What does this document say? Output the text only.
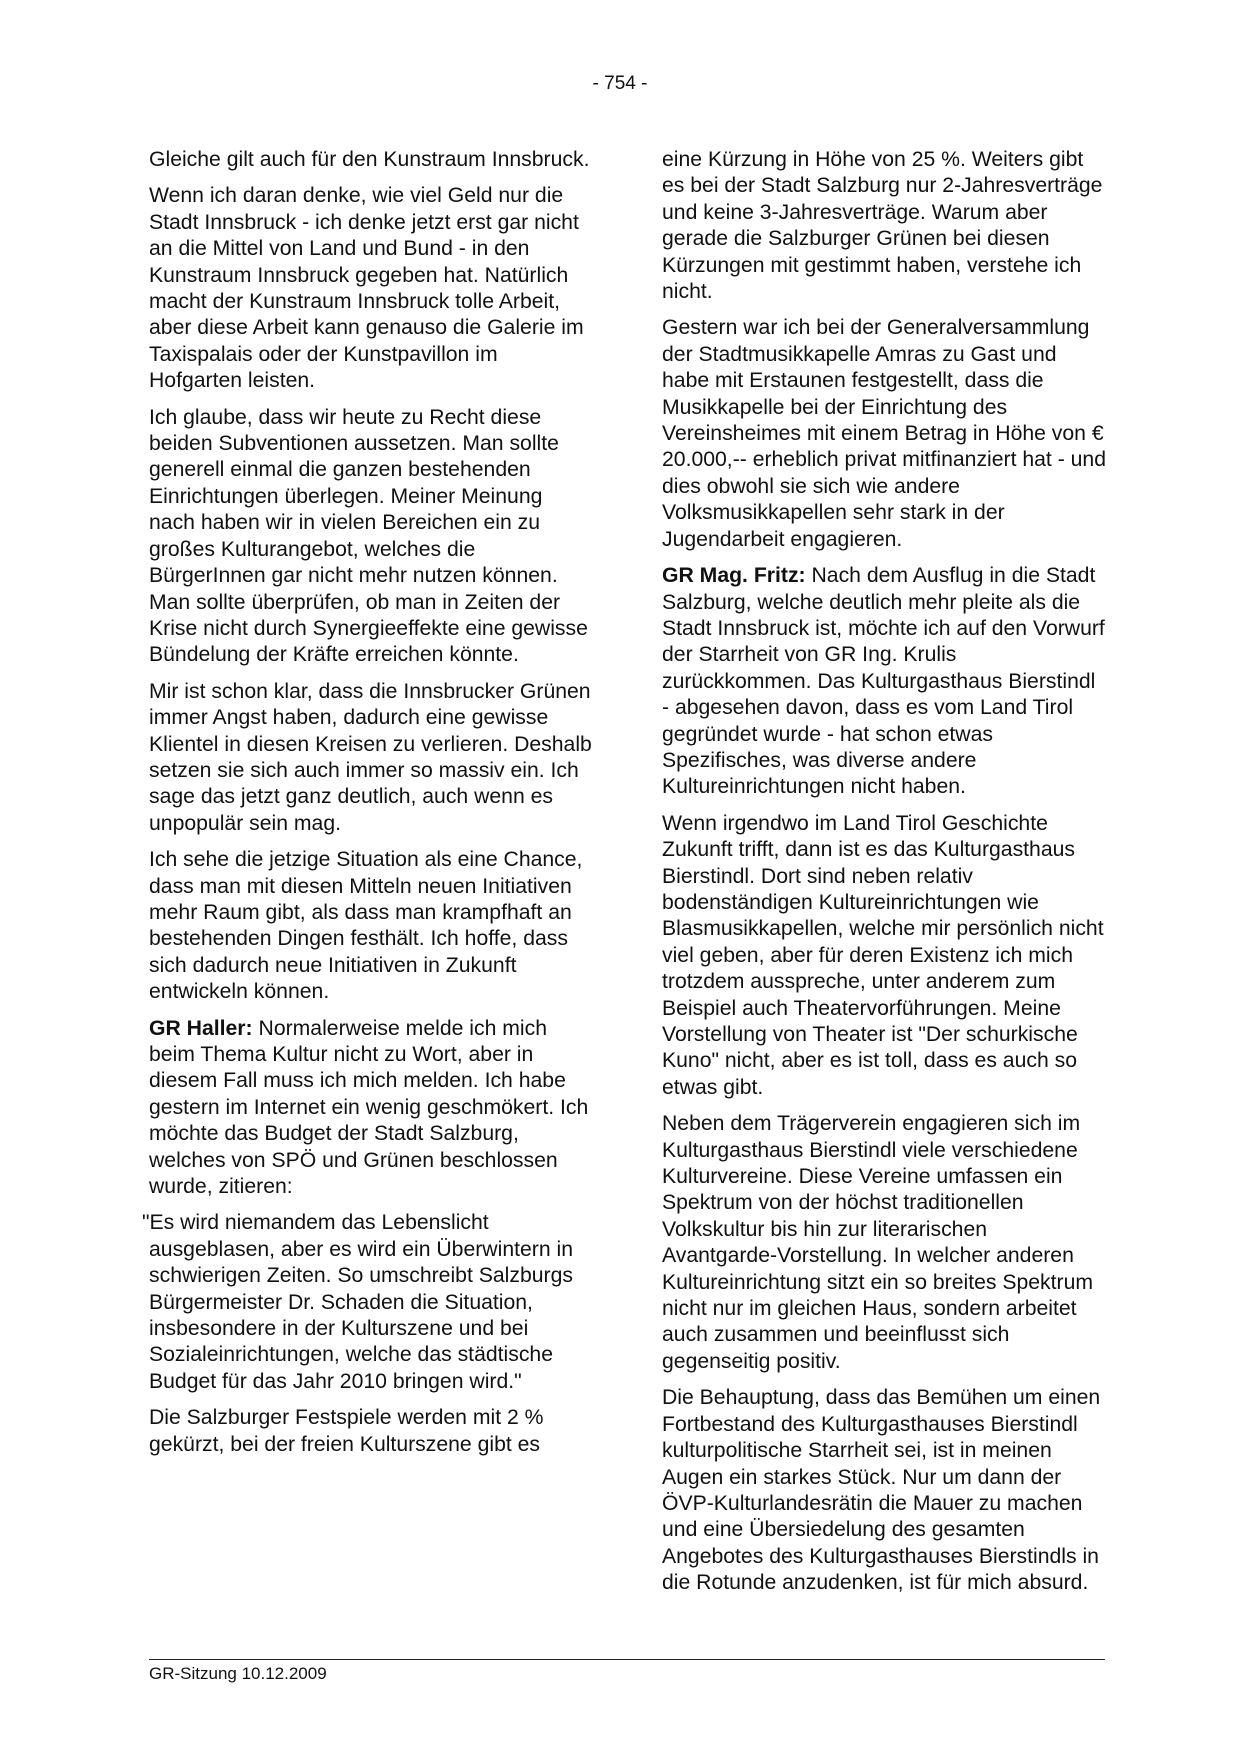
- 754 -

Gleiche gilt auch für den Kunstraum Innsbruck.

Wenn ich daran denke, wie viel Geld nur die Stadt Innsbruck - ich denke jetzt erst gar nicht an die Mittel von Land und Bund - in den Kunstraum Innsbruck gegeben hat. Natürlich macht der Kunstraum Innsbruck tolle Arbeit, aber diese Arbeit kann genauso die Galerie im Taxispalais oder der Kunstpavillon im Hofgarten leisten.

Ich glaube, dass wir heute zu Recht diese beiden Subventionen aussetzen. Man sollte generell einmal die ganzen bestehenden Einrichtungen überlegen. Meiner Meinung nach haben wir in vielen Bereichen ein zu großes Kulturangebot, welches die BürgerInnen gar nicht mehr nutzen können. Man sollte überprüfen, ob man in Zeiten der Krise nicht durch Synergieeffekte eine gewisse Bündelung der Kräfte erreichen könnte.

Mir ist schon klar, dass die Innsbrucker Grünen immer Angst haben, dadurch eine gewisse Klientel in diesen Kreisen zu verlieren. Deshalb setzen sie sich auch immer so massiv ein. Ich sage das jetzt ganz deutlich, auch wenn es unpopulär sein mag.

Ich sehe die jetzige Situation als eine Chance, dass man mit diesen Mitteln neuen Initiativen mehr Raum gibt, als dass man krampfhaft an bestehenden Dingen festhält. Ich hoffe, dass sich dadurch neue Initiativen in Zukunft entwickeln können.

GR Haller: Normalerweise melde ich mich beim Thema Kultur nicht zu Wort, aber in diesem Fall muss ich mich melden. Ich habe gestern im Internet ein wenig geschmökert. Ich möchte das Budget der Stadt Salzburg, welches von SPÖ und Grünen beschlossen wurde, zitieren:

"Es wird niemandem das Lebenslicht ausgeblasen, aber es wird ein Überwintern in schwierigen Zeiten. So umschreibt Salzburgs Bürgermeister Dr. Schaden die Situation, insbesondere in der Kulturszene und bei Sozialeinrichtungen, welche das städtische Budget für das Jahr 2010 bringen wird."

Die Salzburger Festspiele werden mit 2 % gekürzt, bei der freien Kulturszene gibt es

eine Kürzung in Höhe von 25 %. Weiters gibt es bei der Stadt Salzburg nur 2-Jahresverträge und keine 3-Jahresverträge. Warum aber gerade die Salzburger Grünen bei diesen Kürzungen mit gestimmt haben, verstehe ich nicht.

Gestern war ich bei der Generalversammlung der Stadtmusikkapelle Amras zu Gast und habe mit Erstaunen festgestellt, dass die Musikkapelle bei der Einrichtung des Vereinsheimes mit einem Betrag in Höhe von € 20.000,-- erheblich privat mitfinanziert hat - und dies obwohl sie sich wie andere Volksmusikkapellen sehr stark in der Jugendarbeit engagieren.

GR Mag. Fritz: Nach dem Ausflug in die Stadt Salzburg, welche deutlich mehr pleite als die Stadt Innsbruck ist, möchte ich auf den Vorwurf der Starrheit von GR Ing. Krulis zurückkommen. Das Kulturgasthaus Bierstindl - abgesehen davon, dass es vom Land Tirol gegründet wurde - hat schon etwas Spezifisches, was diverse andere Kultureinrichtungen nicht haben.

Wenn irgendwo im Land Tirol Geschichte Zukunft trifft, dann ist es das Kulturgasthaus Bierstindl. Dort sind neben relativ bodenständigen Kultureinrichtungen wie Blasmusikkapellen, welche mir persönlich nicht viel geben, aber für deren Existenz ich mich trotzdem ausspreche, unter anderem zum Beispiel auch Theatervorführungen. Meine Vorstellung von Theater ist "Der schurkische Kuno" nicht, aber es ist toll, dass es auch so etwas gibt.

Neben dem Trägerverein engagieren sich im Kulturgasthaus Bierstindl viele verschiedene Kulturvereine. Diese Vereine umfassen ein Spektrum von der höchst traditionellen Volkskultur bis hin zur literarischen Avantgarde-Vorstellung. In welcher anderen Kultureinrichtung sitzt ein so breites Spektrum nicht nur im gleichen Haus, sondern arbeitet auch zusammen und beeinflusst sich gegenseitig positiv.

Die Behauptung, dass das Bemühen um einen Fortbestand des Kulturgasthauses Bierstindl kulturpolitische Starrheit sei, ist in meinen Augen ein starkes Stück. Nur um dann der ÖVP-Kulturlandesrätin die Mauer zu machen und eine Übersiedelung des gesamten Angebotes des Kulturgasthauses Bierstindls in die Rotunde anzudenken, ist für mich absurd.

GR-Sitzung 10.12.2009
